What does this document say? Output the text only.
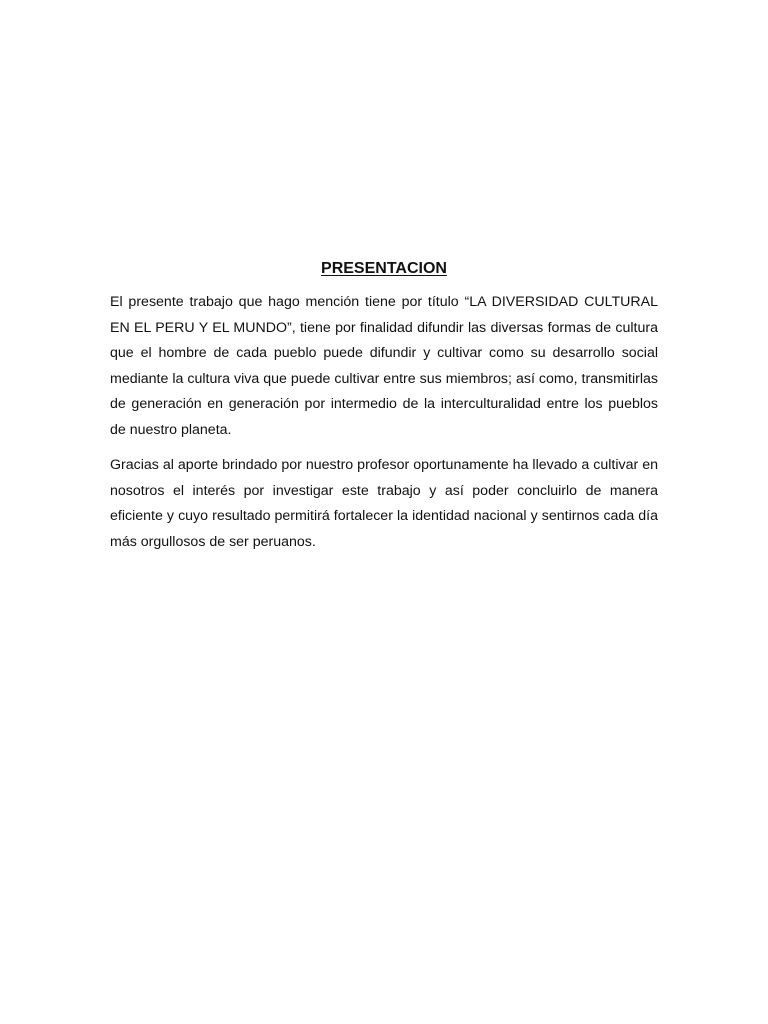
PRESENTACION

El presente trabajo que hago mención tiene por título “LA DIVERSIDAD CULTURAL EN EL PERU Y EL MUNDO”, tiene por finalidad difundir las diversas formas de cultura que el hombre de cada pueblo puede difundir y cultivar como su desarrollo social mediante la cultura viva que puede cultivar entre sus miembros; así como, transmitirlas de generación en generación por intermedio de la interculturalidad entre los pueblos de nuestro planeta.

Gracias al aporte brindado por nuestro profesor oportunamente ha llevado a cultivar en nosotros el interés por investigar este trabajo y así poder concluirlo de manera eficiente y cuyo resultado permitirá fortalecer la identidad nacional y sentirnos cada día más orgullosos de ser peruanos.
